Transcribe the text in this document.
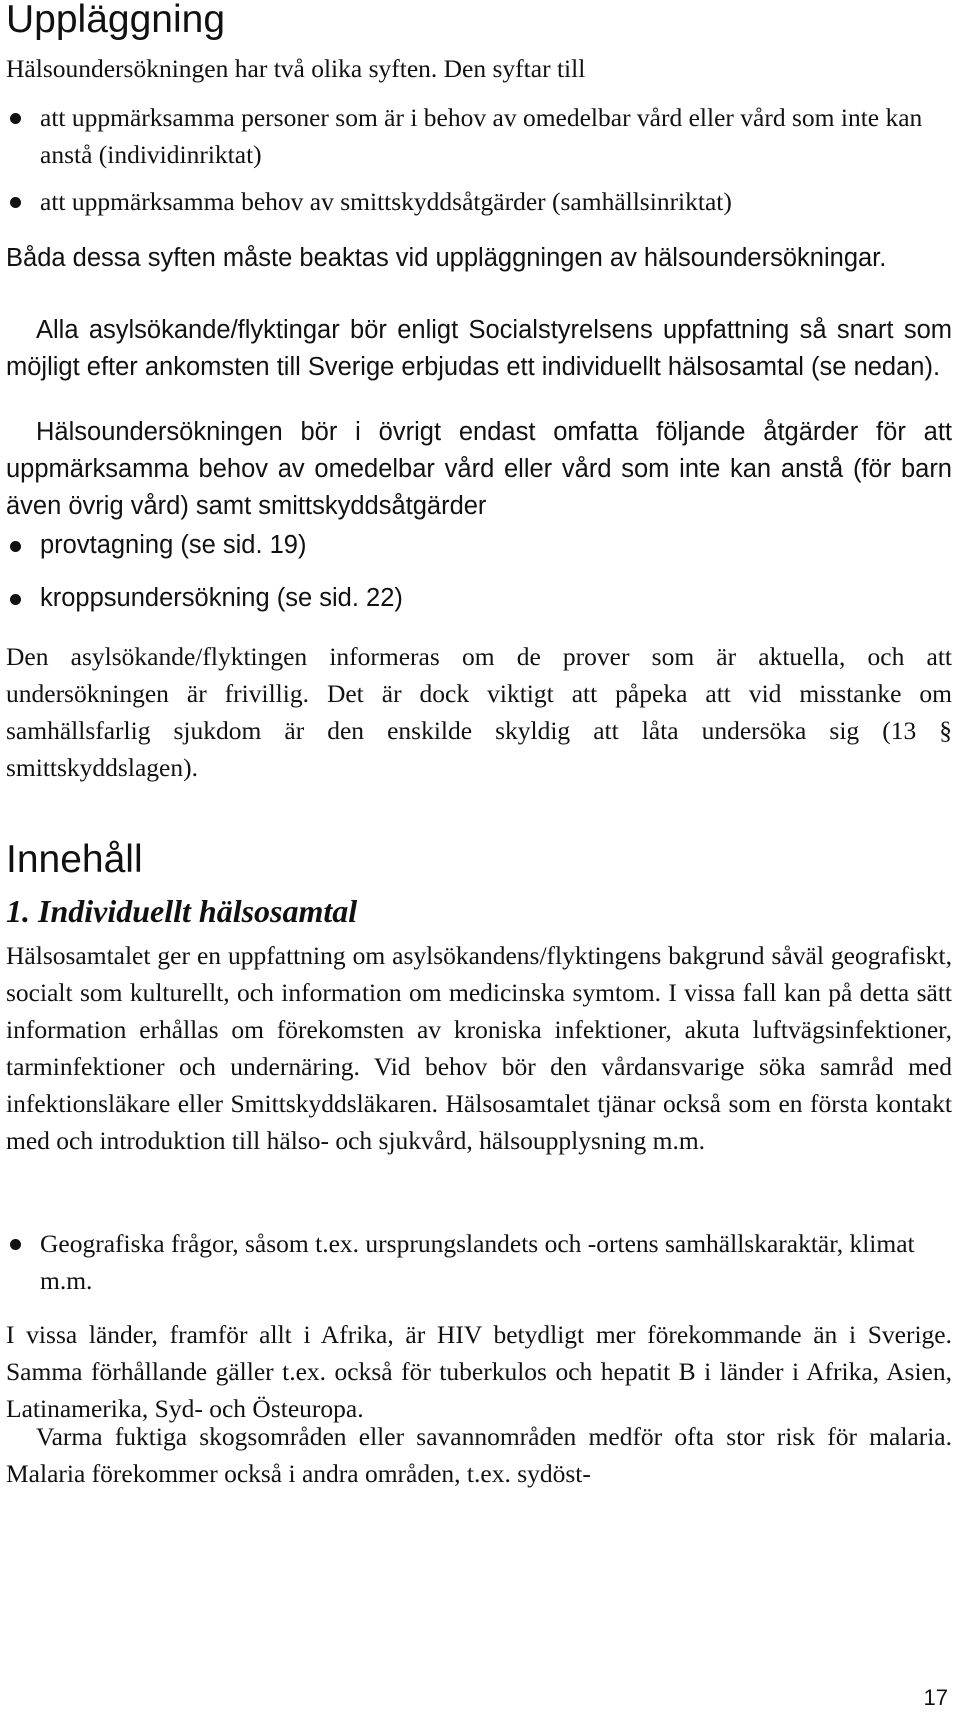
Uppläggning

Hälsoundersökningen har två olika syften. Den syftar till

att uppmärksamma personer som är i behov av omedelbar vård eller vård som inte kan anstå (individinriktat)
att uppmärksamma behov av smittskyddsåtgärder (samhällsinriktat)

Båda dessa syften måste beaktas vid uppläggningen av hälsoundersökningar.

Alla asylsökande/flyktingar bör enligt Socialstyrelsens uppfattning så snart som möjligt efter ankomsten till Sverige erbjudas ett individuellt hälsosamtal (se nedan).

Hälsoundersökningen bör i övrigt endast omfatta följande åtgärder för att uppmärksamma behov av omedelbar vård eller vård som inte kan anstå (för barn även övrig vård) samt smittskyddsåtgärder

provtagning (se sid. 19)
kroppsundersökning (se sid. 22)

Den asylsökande/flyktingen informeras om de prover som är aktuella, och att undersökningen är frivillig. Det är dock viktigt att påpeka att vid misstanke om samhällsfarlig sjukdom är den enskilde skyldig att låta undersöka sig (13 § smittskyddslagen).

Innehåll
1. Individuellt hälsosamtal

Hälsosamtalet ger en uppfattning om asylsökandens/flyktingens bakgrund såväl geografiskt, socialt som kulturellt, och information om medicinska symtom. I vissa fall kan på detta sätt information erhållas om förekomsten av kroniska infektioner, akuta luftvägsinfektioner, tarminfektioner och undernäring. Vid behov bör den vårdansvarige söka samråd med infektionsläkare eller Smittskyddsläkaren. Hälsosamtalet tjänar också som en första kontakt med och introduktion till hälso- och sjukvård, hälsoupplysning m.m.

Geografiska frågor, såsom t.ex. ursprungslandets och -ortens samhällskaraktär, klimat m.m.

I vissa länder, framför allt i Afrika, är HIV betydligt mer förekommande än i Sverige. Samma förhållande gäller t.ex. också för tuberkulos och hepatit B i länder i Afrika, Asien, Latinamerika, Syd- och Östeuropa.

Varma fuktiga skogsområden eller savannområden medför ofta stor risk för malaria. Malaria förekommer också i andra områden, t.ex. sydöst-

17
